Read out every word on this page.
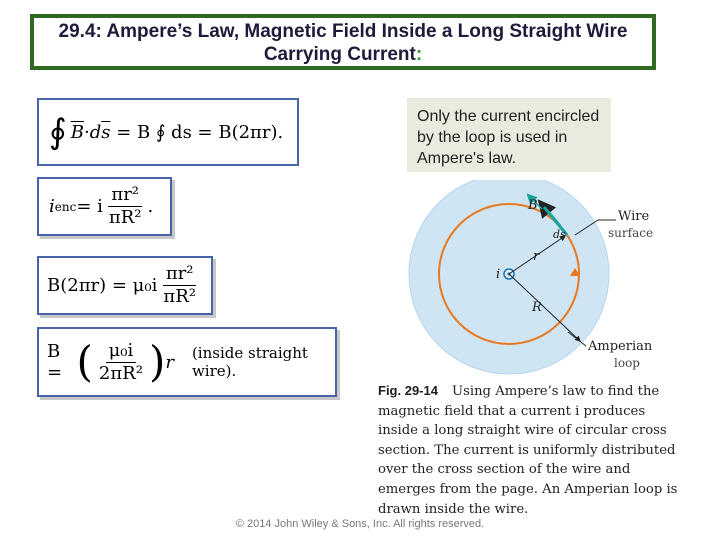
29.4: Ampere’s Law, Magnetic Field Inside a Long Straight Wire Carrying Current:
∮ $\overline{B}\cdot d\overline{s} = B$ ∮ ds = B(2πr).
i enc = i $\frac{\text{πr²}}{\text{πR²}}$ .
$B(2\pi r) = \mu_0i \frac{\text{πr²}}{\text{πR²}}$
B = ( $\frac{\text{μ₀i}}{\text{2πR²}}$ ) r (inside straight wire).
Only the current encircled by the loop is used in Ampere's law.
B
ds
i
r
R
Wire
surface
Amperian
loop
Fig. 29-14 Using Ampere’s law to find the magnetic field that a current i produces inside a long straight wire of circular cross section. The current is uniformly distributed over the cross section of the wire and emerges from the page. An Amperian loop is drawn inside the wire.
© 2014 John Wiley & Sons, Inc. All rights reserved.
